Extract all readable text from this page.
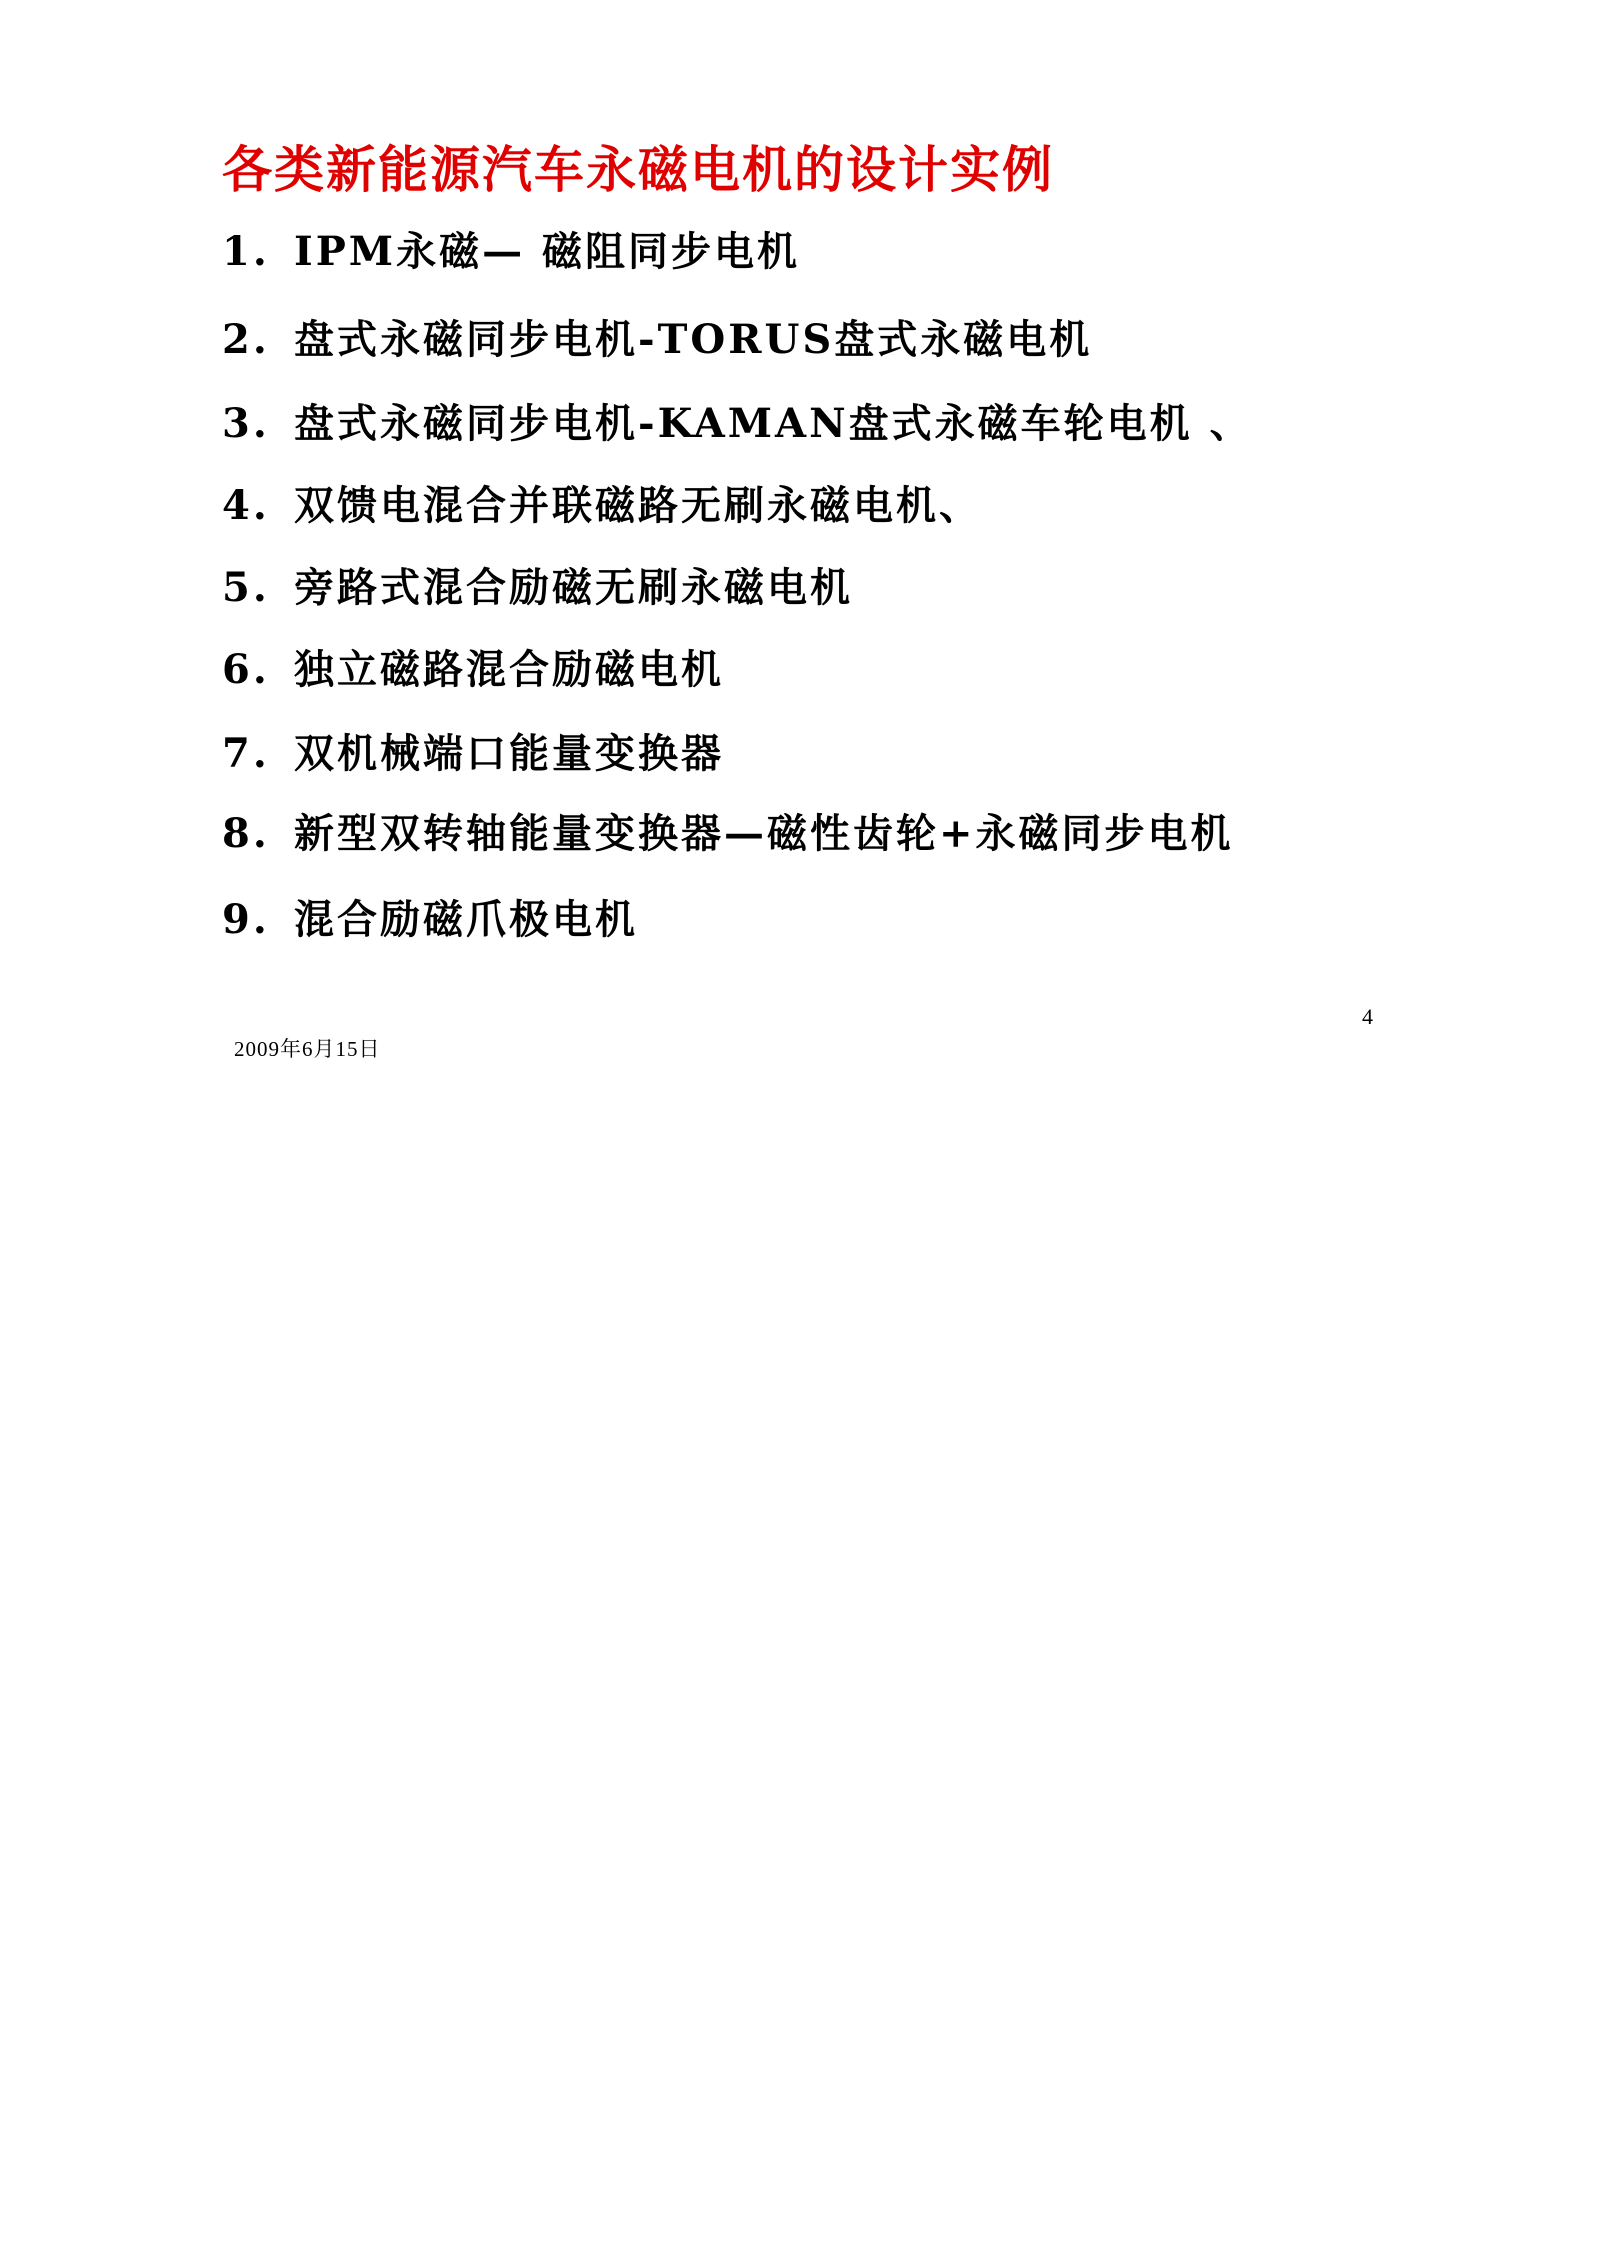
各类新能源汽车永磁电机的设计实例
1. IPM永磁— 磁阻同步电机
2. 盘式永磁同步电机-TORUS盘式永磁电机
3. 盘式永磁同步电机-KAMAN盘式永磁车轮电机 、
4. 双馈电混合并联磁路无刷永磁电机、
5. 旁路式混合励磁无刷永磁电机
6. 独立磁路混合励磁电机
7. 双机械端口能量变换器
8. 新型双转轴能量变换器—磁性齿轮+永磁同步电机
9. 混合励磁爪极电机
4
2009年6月15日
